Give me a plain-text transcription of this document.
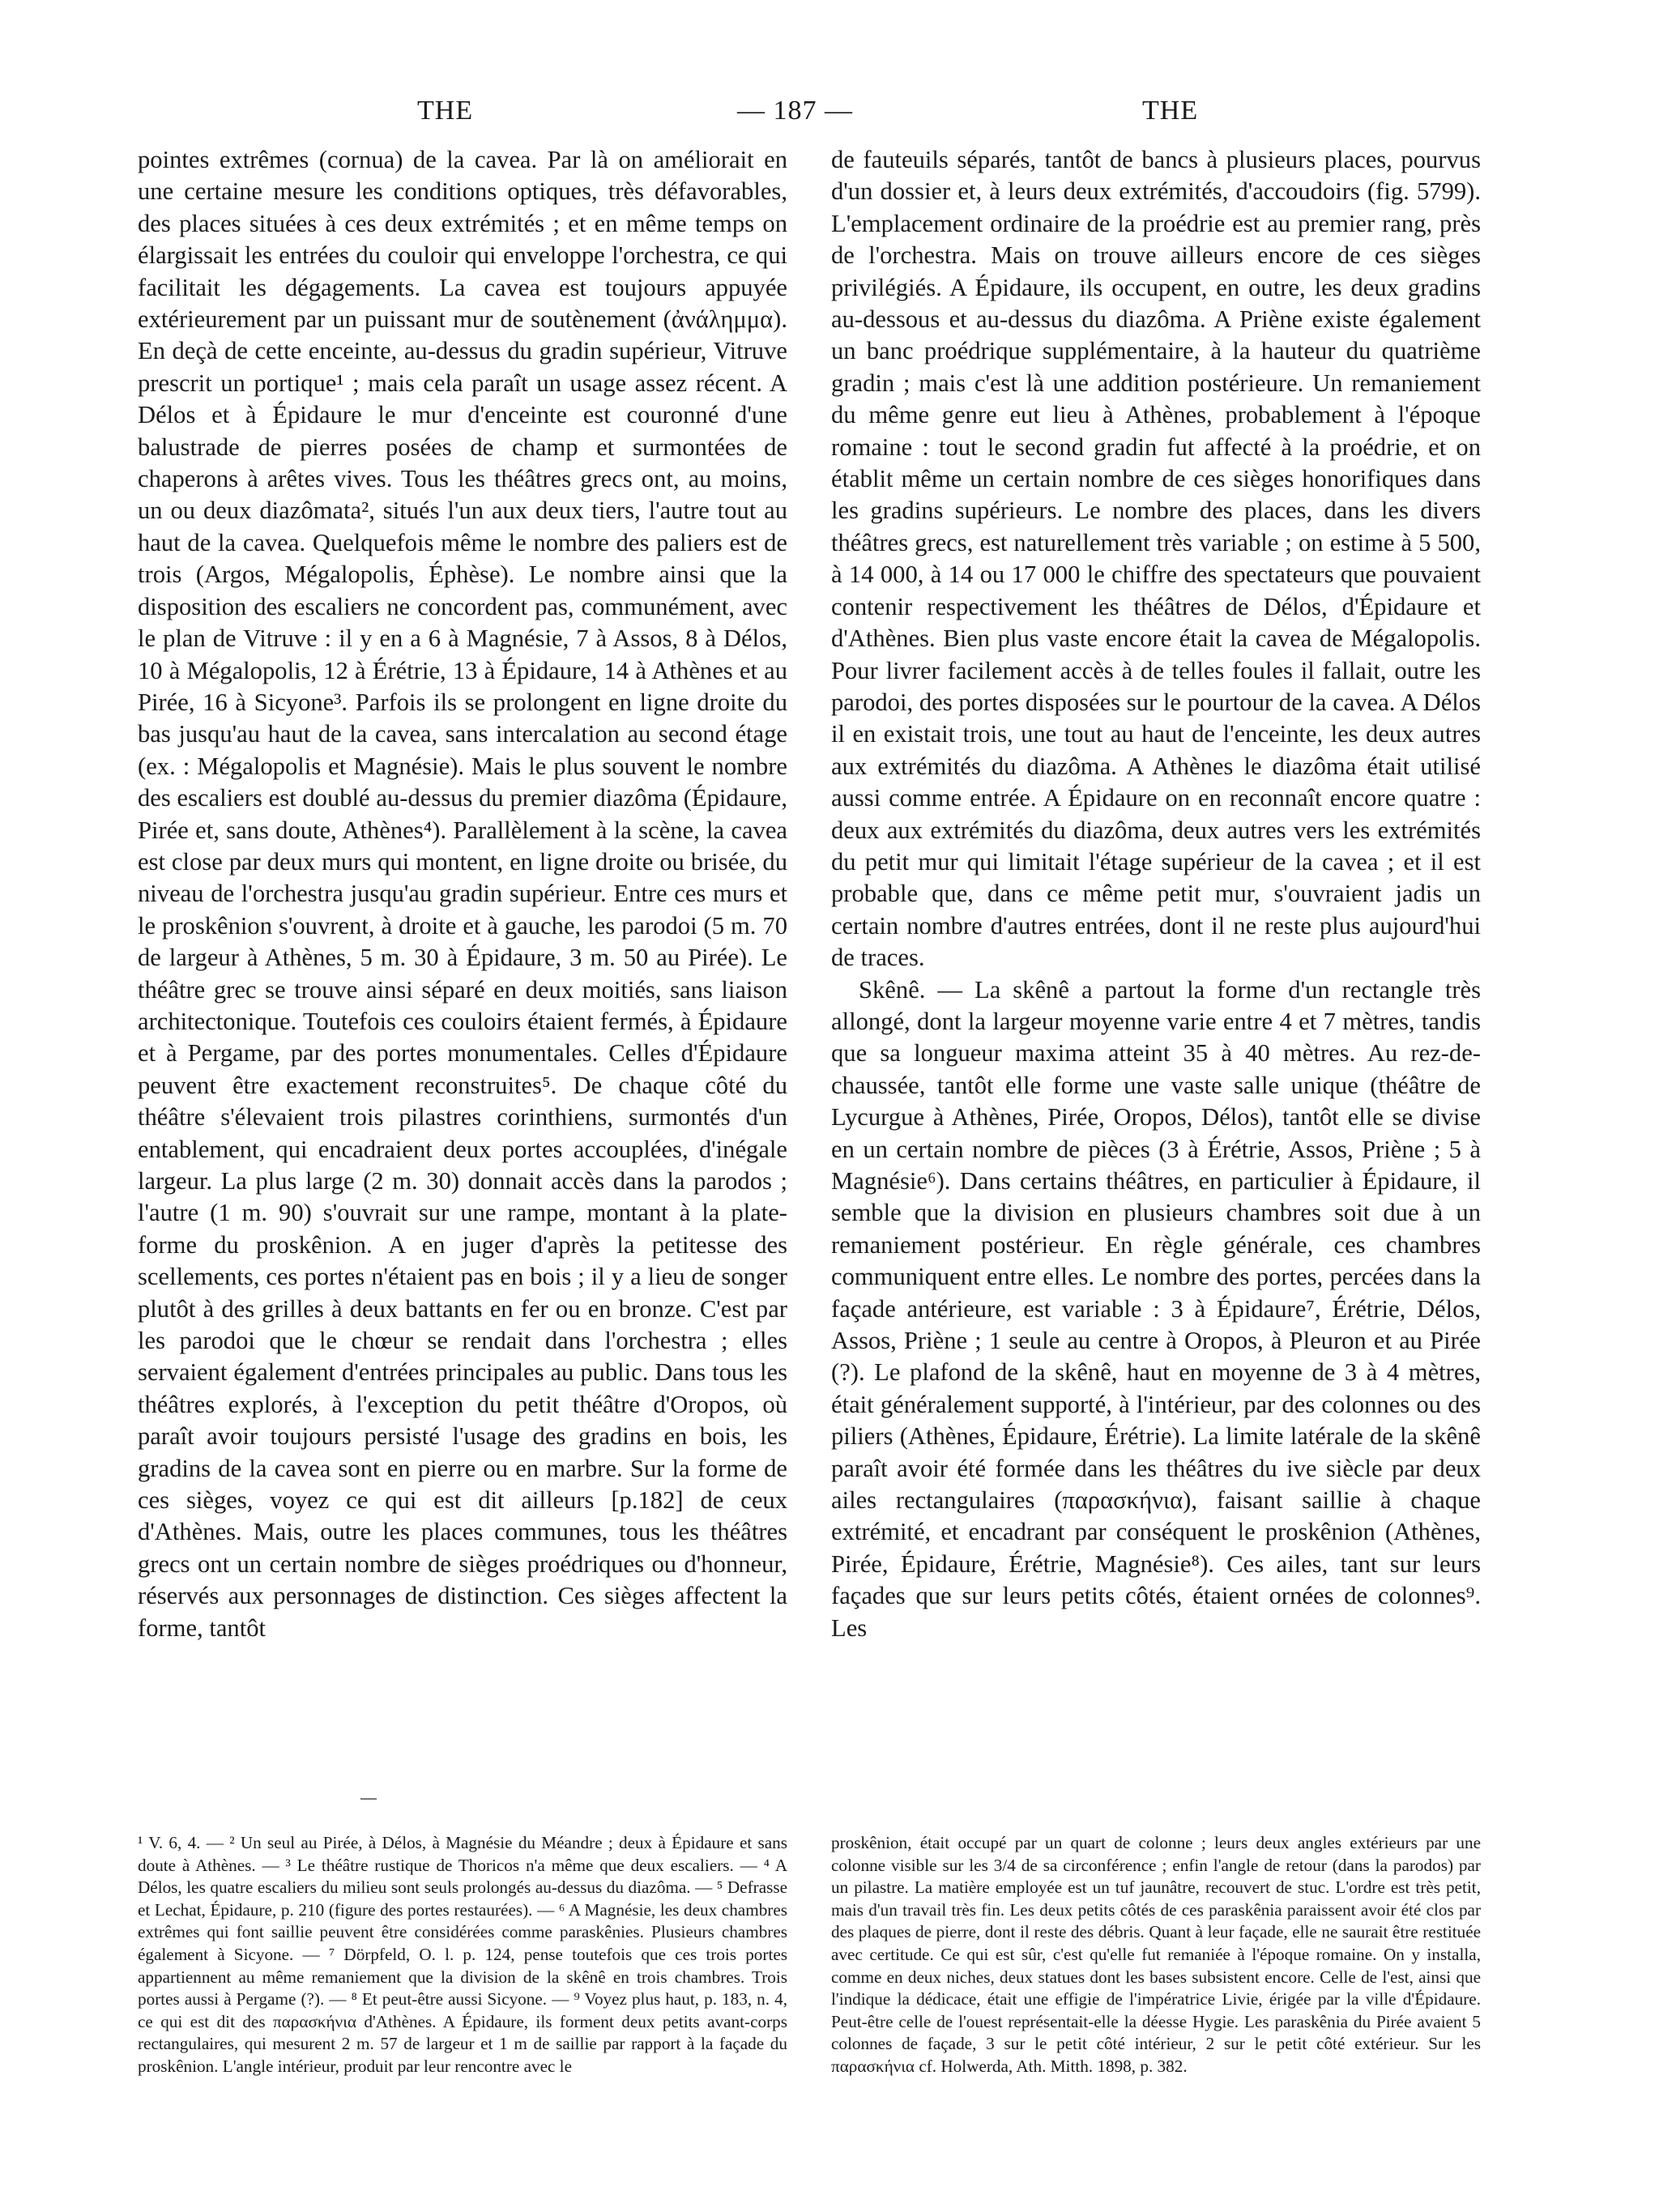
THE	— 187 —	THE

pointes extrêmes (cornua) de la cavea. Par là on améliorait en une certaine mesure les conditions optiques, très défavorables, des places situées à ces deux extrémités ; et en même temps on élargissait les entrées du couloir qui enveloppe l'orchestra, ce qui facilitait les dégagements. La cavea est toujours appuyée extérieurement par un puissant mur de soutènement (ἀνάλημμα). En deçà de cette enceinte, au-dessus du gradin supérieur, Vitruve prescrit un portique¹ ; mais cela paraît un usage assez récent. A Délos et à Épidaure le mur d'enceinte est couronné d'une balustrade de pierres posées de champ et surmontées de chaperons à arêtes vives. Tous les théâtres grecs ont, au moins, un ou deux diazômata², situés l'un aux deux tiers, l'autre tout au haut de la cavea. Quelquefois même le nombre des paliers est de trois (Argos, Mégalopolis, Éphèse). Le nombre ainsi que la disposition des escaliers ne concordent pas, communément, avec le plan de Vitruve : il y en a 6 à Magnésie, 7 à Assos, 8 à Délos, 10 à Mégalopolis, 12 à Érétrie, 13 à Épidaure, 14 à Athènes et au Pirée, 16 à Sicyone³. Parfois ils se prolongent en ligne droite du bas jusqu'au haut de la cavea, sans intercalation au second étage (ex. : Mégalopolis et Magnésie). Mais le plus souvent le nombre des escaliers est doublé au-dessus du premier diazôma (Épidaure, Pirée et, sans doute, Athènes⁴). Parallèlement à la scène, la cavea est close par deux murs qui montent, en ligne droite ou brisée, du niveau de l'orchestra jusqu'au gradin supérieur. Entre ces murs et le proskênion s'ouvrent, à droite et à gauche, les parodoi (5 m. 70 de largeur à Athènes, 5 m. 30 à Épidaure, 3 m. 50 au Pirée). Le théâtre grec se trouve ainsi séparé en deux moitiés, sans liaison architectonique. Toutefois ces couloirs étaient fermés, à Épidaure et à Pergame, par des portes monumentales. Celles d'Épidaure peuvent être exactement reconstruites⁵. De chaque côté du théâtre s'élevaient trois pilastres corinthiens, surmontés d'un entablement, qui encadraient deux portes accouplées, d'inégale largeur. La plus large (2 m. 30) donnait accès dans la parodos ; l'autre (1 m. 90) s'ouvrait sur une rampe, montant à la plate-forme du proskênion. A en juger d'après la petitesse des scellements, ces portes n'étaient pas en bois ; il y a lieu de songer plutôt à des grilles à deux battants en fer ou en bronze. C'est par les parodoi que le chœur se rendait dans l'orchestra ; elles servaient également d'entrées principales au public. Dans tous les théâtres explorés, à l'exception du petit théâtre d'Oropos, où paraît avoir toujours persisté l'usage des gradins en bois, les gradins de la cavea sont en pierre ou en marbre. Sur la forme de ces sièges, voyez ce qui est dit ailleurs [p.182] de ceux d'Athènes. Mais, outre les places communes, tous les théâtres grecs ont un certain nombre de sièges proédriques ou d'honneur, réservés aux personnages de distinction. Ces sièges affectent la forme, tantôt

de fauteuils séparés, tantôt de bancs à plusieurs places, pourvus d'un dossier et, à leurs deux extrémités, d'accoudoirs (fig. 5799). L'emplacement ordinaire de la proédrie est au premier rang, près de l'orchestra. Mais on trouve ailleurs encore de ces sièges privilégiés. A Épidaure, ils occupent, en outre, les deux gradins au-dessous et au-dessus du diazôma. A Priène existe également un banc proédrique supplémentaire, à la hauteur du quatrième gradin ; mais c'est là une addition postérieure. Un remaniement du même genre eut lieu à Athènes, probablement à l'époque romaine : tout le second gradin fut affecté à la proédrie, et on établit même un certain nombre de ces sièges honorifiques dans les gradins supérieurs. Le nombre des places, dans les divers théâtres grecs, est naturellement très variable ; on estime à 5 500, à 14 000, à 14 ou 17 000 le chiffre des spectateurs que pouvaient contenir respectivement les théâtres de Délos, d'Épidaure et d'Athènes. Bien plus vaste encore était la cavea de Mégalopolis. Pour livrer facilement accès à de telles foules il fallait, outre les parodoi, des portes disposées sur le pourtour de la cavea. A Délos il en existait trois, une tout au haut de l'enceinte, les deux autres aux extrémités du diazôma. A Athènes le diazôma était utilisé aussi comme entrée. A Épidaure on en reconnaît encore quatre : deux aux extrémités du diazôma, deux autres vers les extrémités du petit mur qui limitait l'étage supérieur de la cavea ; et il est probable que, dans ce même petit mur, s'ouvraient jadis un certain nombre d'autres entrées, dont il ne reste plus aujourd'hui de traces.

Skênê. — La skênê a partout la forme d'un rectangle très allongé, dont la largeur moyenne varie entre 4 et 7 mètres, tandis que sa longueur maxima atteint 35 à 40 mètres. Au rez-de-chaussée, tantôt elle forme une vaste salle unique (théâtre de Lycurgue à Athènes, Pirée, Oropos, Délos), tantôt elle se divise en un certain nombre de pièces (3 à Érétrie, Assos, Priène ; 5 à Magnésie⁶). Dans certains théâtres, en particulier à Épidaure, il semble que la division en plusieurs chambres soit due à un remaniement postérieur. En règle générale, ces chambres communiquent entre elles. Le nombre des portes, percées dans la façade antérieure, est variable : 3 à Épidaure⁷, Érétrie, Délos, Assos, Priène ; 1 seule au centre à Oropos, à Pleuron et au Pirée (?). Le plafond de la skênê, haut en moyenne de 3 à 4 mètres, était généralement supporté, à l'intérieur, par des colonnes ou des piliers (Athènes, Épidaure, Érétrie). La limite latérale de la skênê paraît avoir été formée dans les théâtres du ive siècle par deux ailes rectangulaires (παρασκήνια), faisant saillie à chaque extrémité, et encadrant par conséquent le proskênion (Athènes, Pirée, Épidaure, Érétrie, Magnésie⁸). Ces ailes, tant sur leurs façades que sur leurs petits côtés, étaient ornées de colonnes⁹. Les

¹ V. 6, 4. — ² Un seul au Pirée, à Délos, à Magnésie du Méandre ; deux à Épidaure et sans doute à Athènes. — ³ Le théâtre rustique de Thoricos n'a même que deux escaliers. — ⁴ A Délos, les quatre escaliers du milieu sont seuls prolongés au-dessus du diazôma. — ⁵ Defrasse et Lechat, Épidaure, p. 210 (figure des portes restaurées). — ⁶ A Magnésie, les deux chambres extrêmes qui font saillie peuvent être considérées comme paraskênies. Plusieurs chambres également à Sicyone. — ⁷ Dörpfeld, O. l. p. 124, pense toutefois que ces trois portes appartiennent au même remaniement que la division de la skênê en trois chambres. Trois portes aussi à Pergame (?). — ⁸ Et peut-être aussi Sicyone. — ⁹ Voyez plus haut, p. 183, n. 4, ce qui est dit des παρασκήνια d'Athènes. A Épidaure, ils forment deux petits avant-corps rectangulaires, qui mesurent 2 m. 57 de largeur et 1 m de saillie par rapport à la façade du proskênion. L'angle intérieur, produit par leur rencontre avec le

proskênion, était occupé par un quart de colonne ; leurs deux angles extérieurs par une colonne visible sur les 3/4 de sa circonférence ; enfin l'angle de retour (dans la parodos) par un pilastre. La matière employée est un tuf jaunâtre, recouvert de stuc. L'ordre est très petit, mais d'un travail très fin. Les deux petits côtés de ces paraskênia paraissent avoir été clos par des plaques de pierre, dont il reste des débris. Quant à leur façade, elle ne saurait être restituée avec certitude. Ce qui est sûr, c'est qu'elle fut remaniée à l'époque romaine. On y installa, comme en deux niches, deux statues dont les bases subsistent encore. Celle de l'est, ainsi que l'indique la dédicace, était une effigie de l'impératrice Livie, érigée par la ville d'Épidaure. Peut-être celle de l'ouest représentait-elle la déesse Hygie. Les paraskênia du Pirée avaient 5 colonnes de façade, 3 sur le petit côté intérieur, 2 sur le petit côté extérieur. Sur les παρασκήνια cf. Holwerda, Ath. Mitth. 1898, p. 382.
